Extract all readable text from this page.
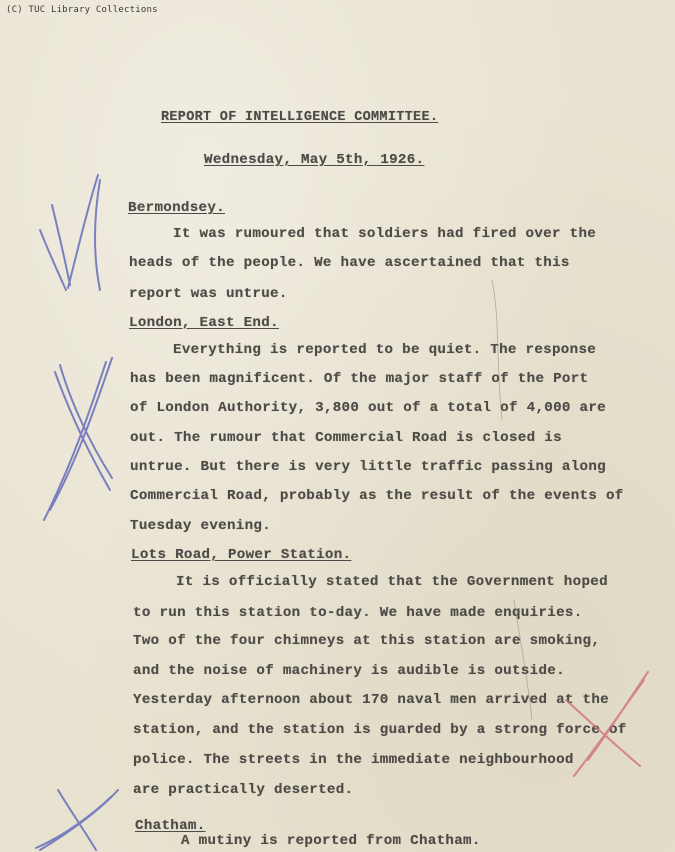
(C) TUC Library Collections
REPORT OF INTELLIGENCE COMMITTEE.
Wednesday, May 5th, 1926.
Bermondsey.
It was rumoured that soldiers had fired over the
heads of the people. We have ascertained that this
report was untrue.
London, East End.
Everything is reported to be quiet. The response
has been magnificent. Of the major staff of the Port
of London Authority, 3,800 out of a total of 4,000 are
out. The rumour that Commercial Road is closed is
untrue. But there is very little traffic passing along
Commercial Road, probably as the result of the events of
Tuesday evening.
Lots Road, Power Station.
It is officially stated that the Government hoped
to run this station to-day. We have made enquiries.
Two of the four chimneys at this station are smoking,
and the noise of machinery is audible is outside.
Yesterday afternoon about 170 naval men arrived at the
station, and the station is guarded by a strong force of
police. The streets in the immediate neighbourhood
are practically deserted.
Chatham.
A mutiny is reported from Chatham.
